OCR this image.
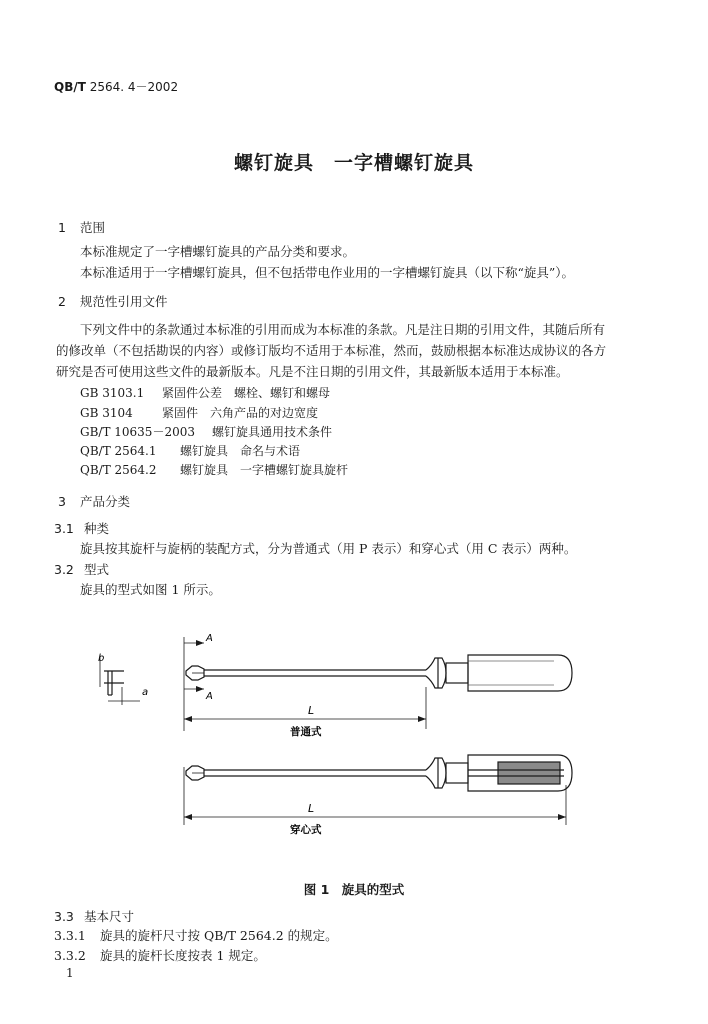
QB/T 2564. 4－2002
螺钉旋具　一字槽螺钉旋具
1 范围
本标准规定了一字槽螺钉旋具的产品分类和要求。
本标准适用于一字槽螺钉旋具，但不包括带电作业用的一字槽螺钉旋具（以下称“旋具”）。
2 规范性引用文件
下列文件中的条款通过本标准的引用而成为本标准的条款。凡是注日期的引用文件，其随后所有
的修改单（不包括勘误的内容）或修订版均不适用于本标准，然而，鼓励根据本标准达成协议的各方
研究是否可使用这些文件的最新版本。凡是不注日期的引用文件，其最新版本适用于本标准。
GB 3103.1 紧固件公差　螺栓、螺钉和螺母
GB 3104 紧固件　六角产品的对边宽度
GB/T 10635－2003 螺钉旋具通用技术条件
QB/T 2564.1 螺钉旋具　命名与术语
QB/T 2564.2 螺钉旋具　一字槽螺钉旋具旋杆
3 产品分类
3.1 种类
旋具按其旋杆与旋柄的装配方式，分为普通式（用 P 表示）和穿心式（用 C 表示）两种。
3.2 型式
旋具的型式如图 1 所示。
b
a
A
A
L
普通式
L
穿心式
图 1　旋具的型式
3.3 基本尺寸
3.3.1 旋具的旋杆尺寸按 QB/T 2564.2 的规定。
3.3.2 旋具的旋杆长度按表 1 规定。
1
